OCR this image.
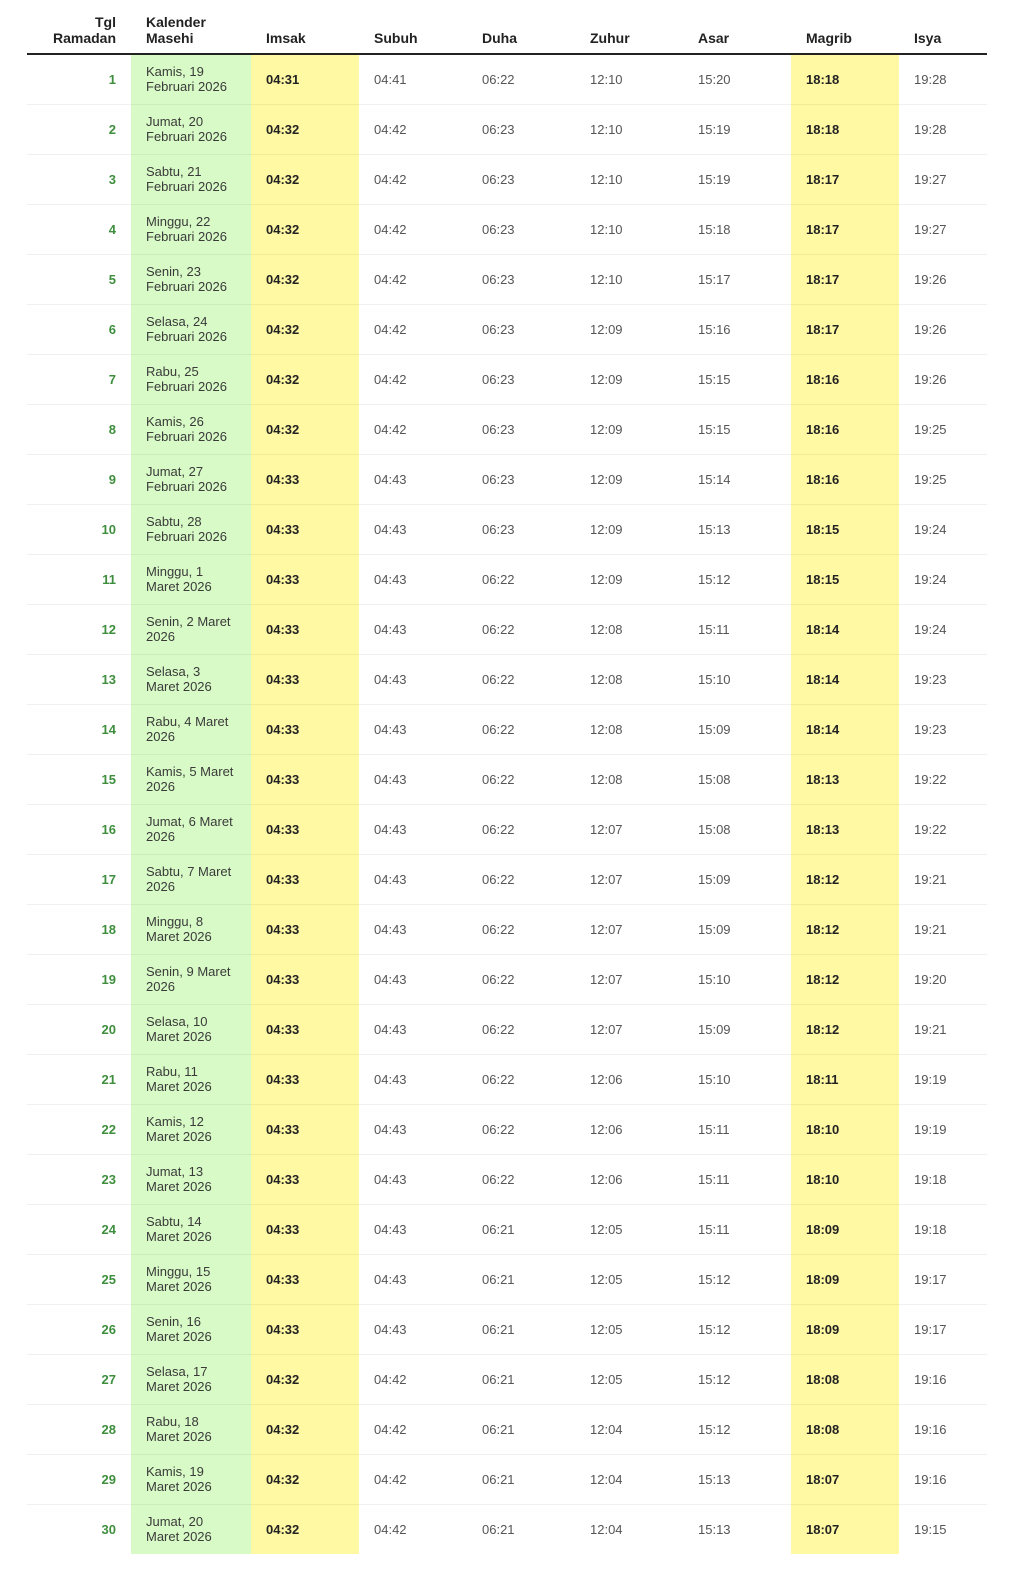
Tgl
Ramadan	Kalender
Masehi	Imsak	Subuh	Duha	Zuhur	Asar	Magrib	Isya
1	Kamis, 19
Februari 2026	04:31	04:41	06:22	12:10	15:20	18:18	19:28
2	Jumat, 20
Februari 2026	04:32	04:42	06:23	12:10	15:19	18:18	19:28
3	Sabtu, 21
Februari 2026	04:32	04:42	06:23	12:10	15:19	18:17	19:27
4	Minggu, 22
Februari 2026	04:32	04:42	06:23	12:10	15:18	18:17	19:27
5	Senin, 23
Februari 2026	04:32	04:42	06:23	12:10	15:17	18:17	19:26
6	Selasa, 24
Februari 2026	04:32	04:42	06:23	12:09	15:16	18:17	19:26
7	Rabu, 25
Februari 2026	04:32	04:42	06:23	12:09	15:15	18:16	19:26
8	Kamis, 26
Februari 2026	04:32	04:42	06:23	12:09	15:15	18:16	19:25
9	Jumat, 27
Februari 2026	04:33	04:43	06:23	12:09	15:14	18:16	19:25
10	Sabtu, 28
Februari 2026	04:33	04:43	06:23	12:09	15:13	18:15	19:24
11	Minggu, 1
Maret 2026	04:33	04:43	06:22	12:09	15:12	18:15	19:24
12	Senin, 2 Maret
2026	04:33	04:43	06:22	12:08	15:11	18:14	19:24
13	Selasa, 3
Maret 2026	04:33	04:43	06:22	12:08	15:10	18:14	19:23
14	Rabu, 4 Maret
2026	04:33	04:43	06:22	12:08	15:09	18:14	19:23
15	Kamis, 5 Maret
2026	04:33	04:43	06:22	12:08	15:08	18:13	19:22
16	Jumat, 6 Maret
2026	04:33	04:43	06:22	12:07	15:08	18:13	19:22
17	Sabtu, 7 Maret
2026	04:33	04:43	06:22	12:07	15:09	18:12	19:21
18	Minggu, 8
Maret 2026	04:33	04:43	06:22	12:07	15:09	18:12	19:21
19	Senin, 9 Maret
2026	04:33	04:43	06:22	12:07	15:10	18:12	19:20
20	Selasa, 10
Maret 2026	04:33	04:43	06:22	12:07	15:09	18:12	19:21
21	Rabu, 11
Maret 2026	04:33	04:43	06:22	12:06	15:10	18:11	19:19
22	Kamis, 12
Maret 2026	04:33	04:43	06:22	12:06	15:11	18:10	19:19
23	Jumat, 13
Maret 2026	04:33	04:43	06:22	12:06	15:11	18:10	19:18
24	Sabtu, 14
Maret 2026	04:33	04:43	06:21	12:05	15:11	18:09	19:18
25	Minggu, 15
Maret 2026	04:33	04:43	06:21	12:05	15:12	18:09	19:17
26	Senin, 16
Maret 2026	04:33	04:43	06:21	12:05	15:12	18:09	19:17
27	Selasa, 17
Maret 2026	04:32	04:42	06:21	12:05	15:12	18:08	19:16
28	Rabu, 18
Maret 2026	04:32	04:42	06:21	12:04	15:12	18:08	19:16
29	Kamis, 19
Maret 2026	04:32	04:42	06:21	12:04	15:13	18:07	19:16
30	Jumat, 20
Maret 2026	04:32	04:42	06:21	12:04	15:13	18:07	19:15
